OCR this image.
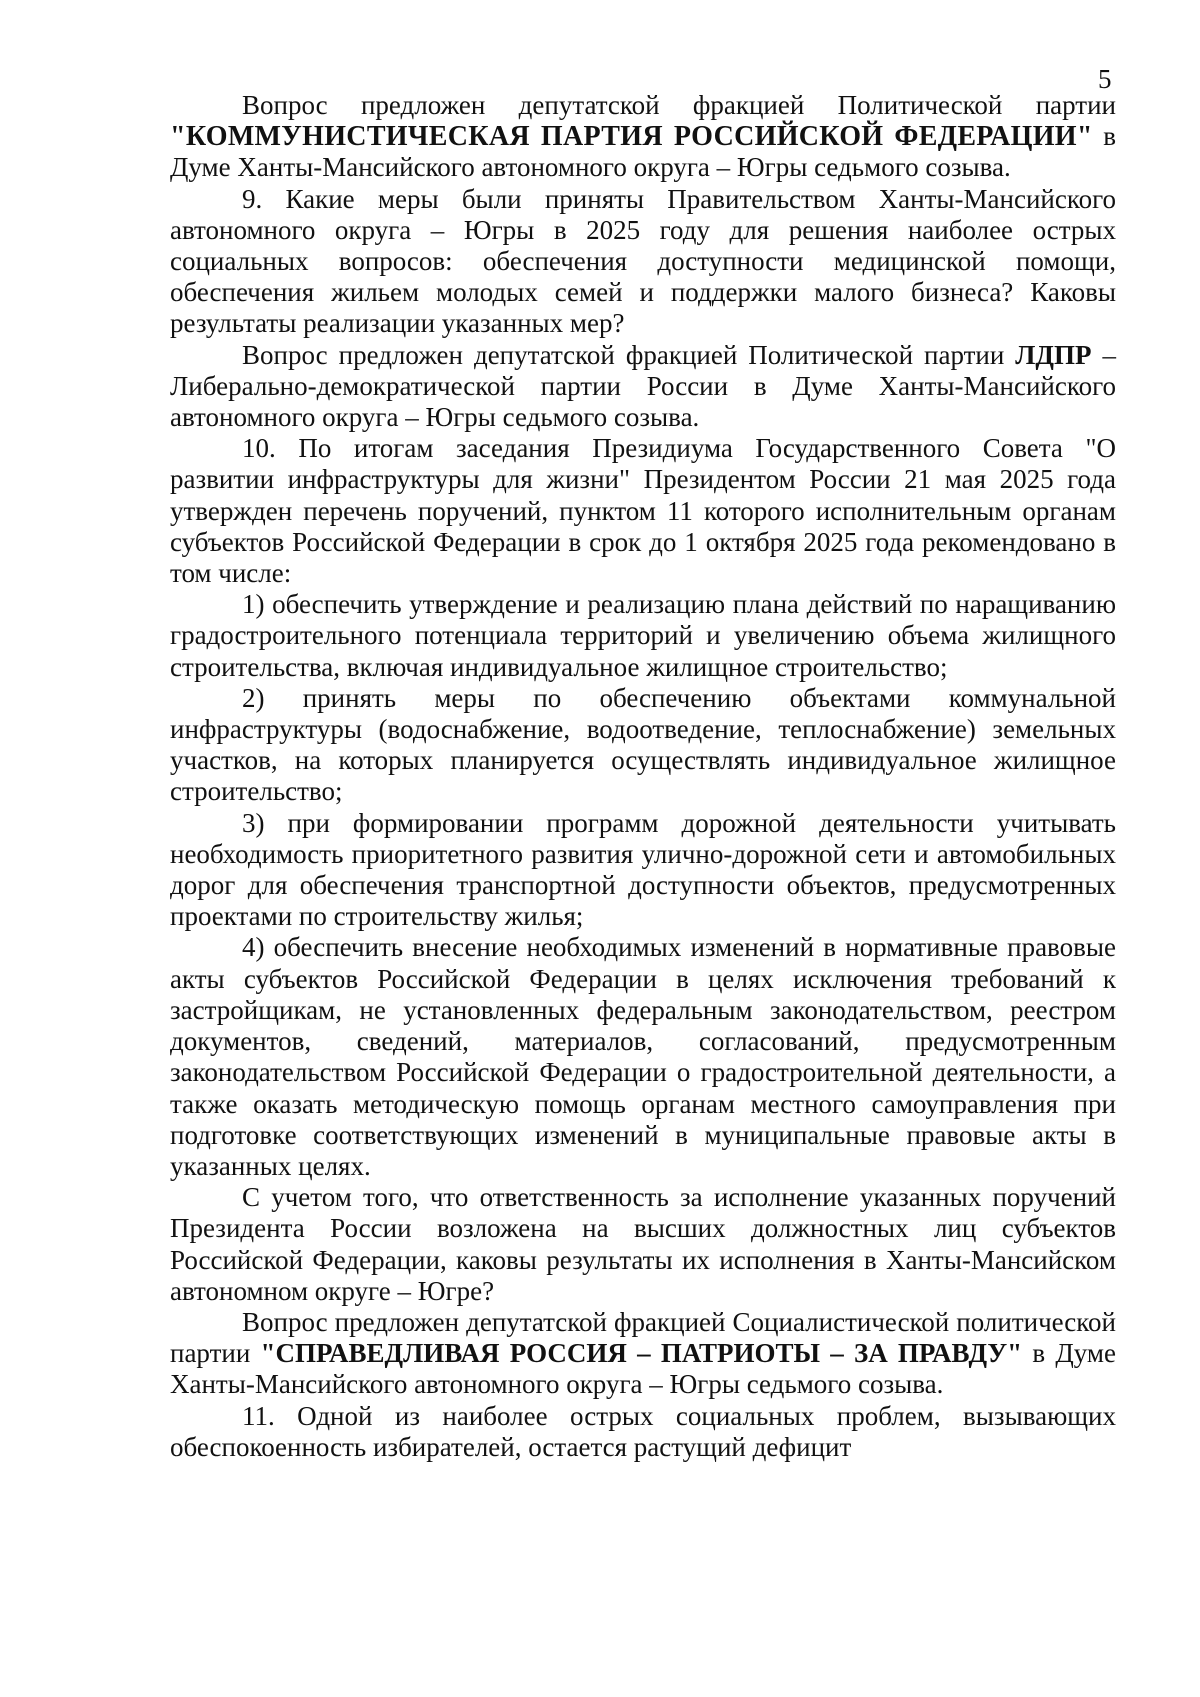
5

Вопрос предложен депутатской фракцией Политической партии "КОММУНИСТИЧЕСКАЯ ПАРТИЯ РОССИЙСКОЙ ФЕДЕРАЦИИ" в Думе Ханты-Мансийского автономного округа – Югры седьмого созыва.

9. Какие меры были приняты Правительством Ханты-Мансийского автономного округа – Югры в 2025 году для решения наиболее острых социальных вопросов: обеспечения доступности медицинской помощи, обеспечения жильем молодых семей и поддержки малого бизнеса? Каковы результаты реализации указанных мер?

Вопрос предложен депутатской фракцией Политической партии ЛДПР – Либерально-демократической партии России в Думе Ханты-Мансийского автономного округа – Югры седьмого созыва.

10. По итогам заседания Президиума Государственного Совета "О развитии инфраструктуры для жизни" Президентом России 21 мая 2025 года утвержден перечень поручений, пунктом 11 которого исполнительным органам субъектов Российской Федерации в срок до 1 октября 2025 года рекомендовано в том числе:

1) обеспечить утверждение и реализацию плана действий по наращиванию градостроительного потенциала территорий и увеличению объема жилищного строительства, включая индивидуальное жилищное строительство;

2) принять меры по обеспечению объектами коммунальной инфраструктуры (водоснабжение, водоотведение, теплоснабжение) земельных участков, на которых планируется осуществлять индивидуальное жилищное строительство;

3) при формировании программ дорожной деятельности учитывать необходимость приоритетного развития улично-дорожной сети и автомобильных дорог для обеспечения транспортной доступности объектов, предусмотренных проектами по строительству жилья;

4) обеспечить внесение необходимых изменений в нормативные правовые акты субъектов Российской Федерации в целях исключения требований к застройщикам, не установленных федеральным законодательством, реестром документов, сведений, материалов, согласований, предусмотренным законодательством Российской Федерации о градостроительной деятельности, а также оказать методическую помощь органам местного самоуправления при подготовке соответствующих изменений в муниципальные правовые акты в указанных целях.

С учетом того, что ответственность за исполнение указанных поручений Президента России возложена на высших должностных лиц субъектов Российской Федерации, каковы результаты их исполнения в Ханты-Мансийском автономном округе – Югре?

Вопрос предложен депутатской фракцией Социалистической политической партии "СПРАВЕДЛИВАЯ РОССИЯ – ПАТРИОТЫ – ЗА ПРАВДУ" в Думе Ханты-Мансийского автономного округа – Югры седьмого созыва.

11. Одной из наиболее острых социальных проблем, вызывающих обеспокоенность избирателей, остается растущий дефицит
